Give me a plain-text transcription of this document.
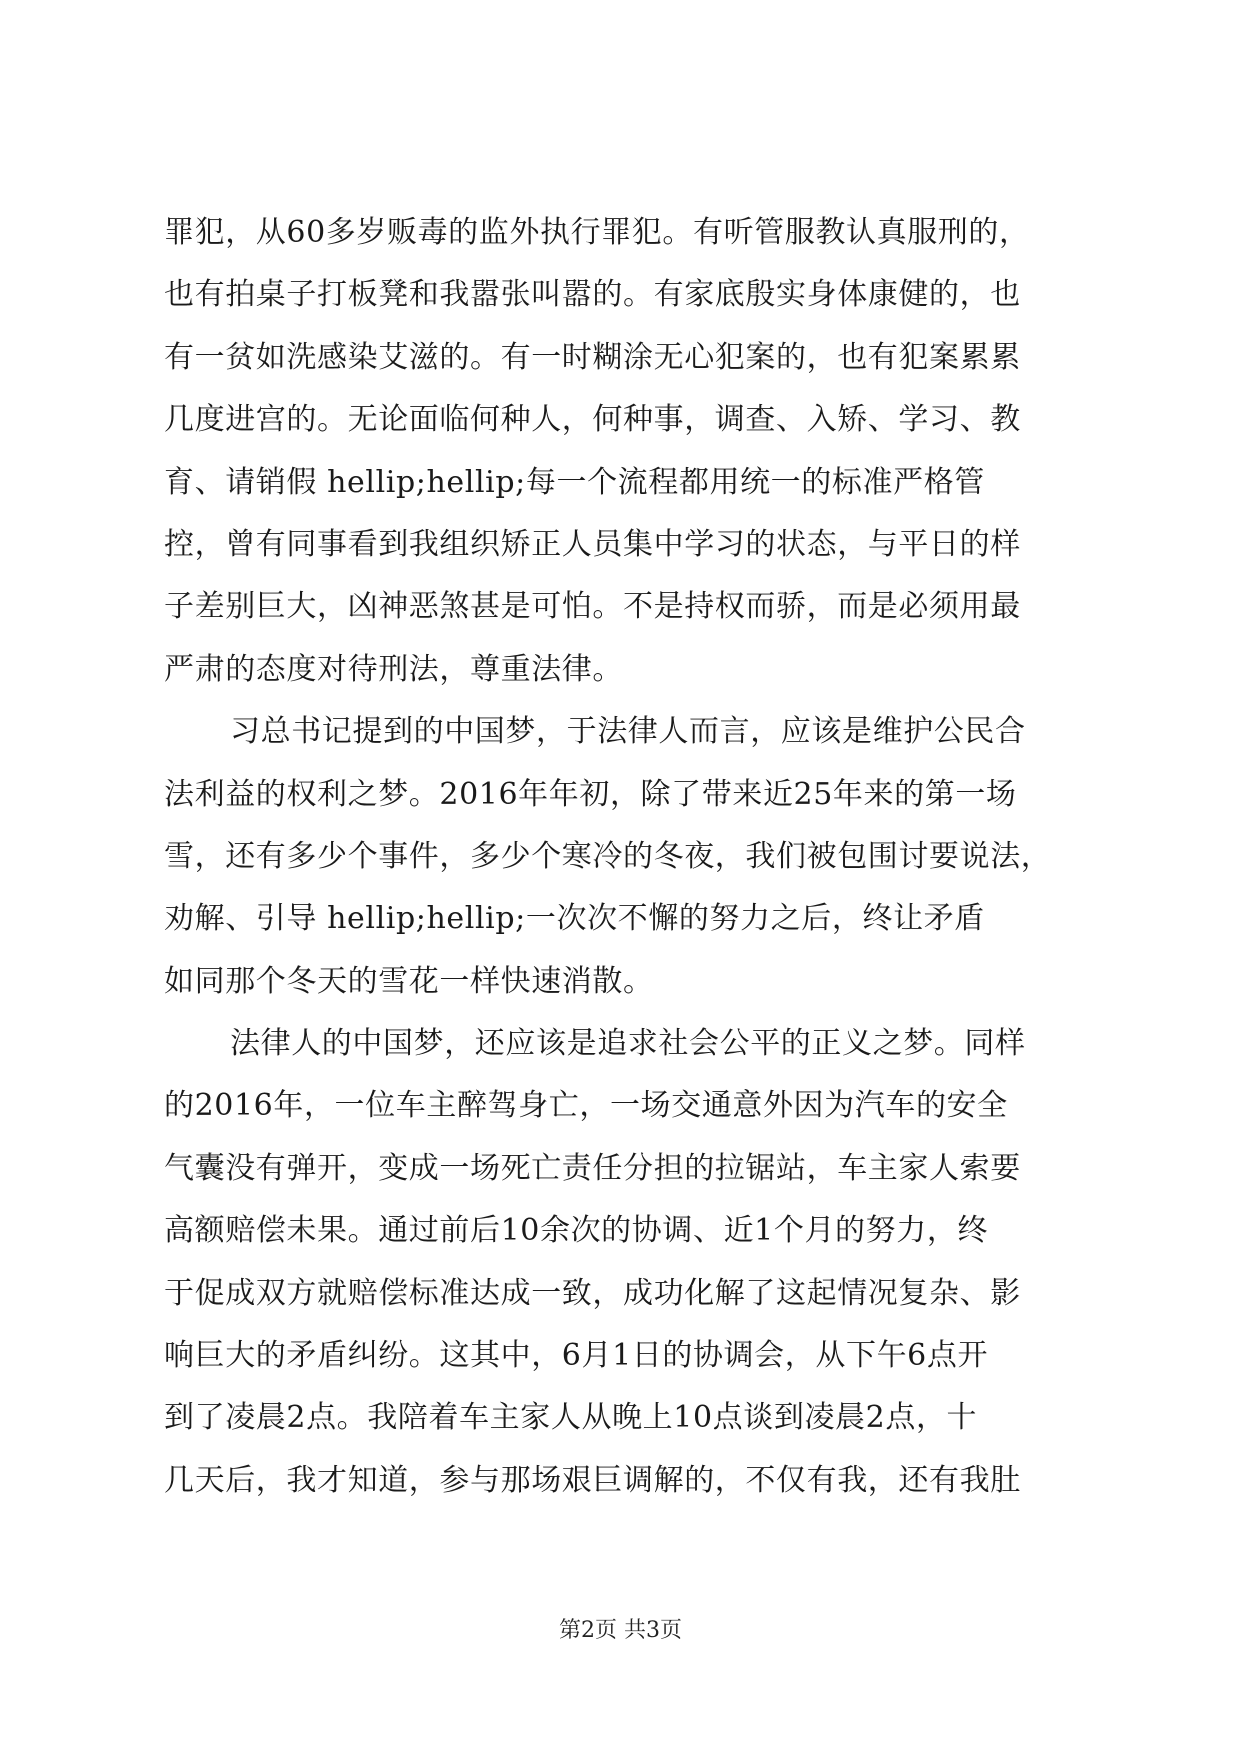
罪犯，从60多岁贩毒的监外执行罪犯。有听管服教认真服刑的，
也有拍桌子打板凳和我嚣张叫嚣的。有家底殷实身体康健的，也
有一贫如洗感染艾滋的。有一时糊涂无心犯案的，也有犯案累累
几度进宫的。无论面临何种人，何种事，调查、入矫、学习、教
育、请销假 hellip;hellip;每一个流程都用统一的标准严格管
控，曾有同事看到我组织矫正人员集中学习的状态，与平日的样
子差别巨大，凶神恶煞甚是可怕。不是持权而骄，而是必须用最
严肃的态度对待刑法，尊重法律。
习总书记提到的中国梦，于法律人而言，应该是维护公民合
法利益的权利之梦。2016年年初，除了带来近25年来的第一场
雪，还有多少个事件，多少个寒冷的冬夜，我们被包围讨要说法，
劝解、引导 hellip;hellip;一次次不懈的努力之后，终让矛盾
如同那个冬天的雪花一样快速消散。
法律人的中国梦，还应该是追求社会公平的正义之梦。同样
的2016年，一位车主醉驾身亡，一场交通意外因为汽车的安全
气囊没有弹开，变成一场死亡责任分担的拉锯站，车主家人索要
高额赔偿未果。通过前后10余次的协调、近1个月的努力，终
于促成双方就赔偿标准达成一致，成功化解了这起情况复杂、影
响巨大的矛盾纠纷。这其中，6月1日的协调会，从下午6点开
到了凌晨2点。我陪着车主家人从晚上10点谈到凌晨2点，十
几天后，我才知道，参与那场艰巨调解的，不仅有我，还有我肚
第2页 共3页
